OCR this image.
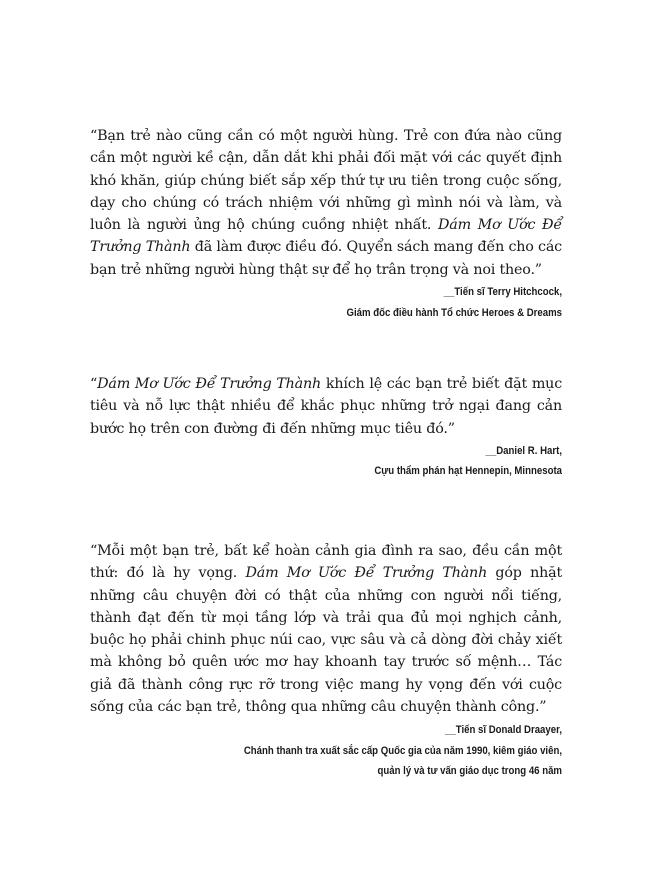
“Bạn trẻ nào cũng cần có một người hùng. Trẻ con đứa nào cũng cần một người kề cận, dẫn dắt khi phải đối mặt với các quyết định khó khăn, giúp chúng biết sắp xếp thứ tự ưu tiên trong cuộc sống, dạy cho chúng có trách nhiệm với những gì mình nói và làm, và luôn là người ủng hộ chúng cuồng nhiệt nhất. Dám Mơ Ước Để Trưởng Thành đã làm được điều đó. Quyển sách mang đến cho các bạn trẻ những người hùng thật sự để họ trân trọng và noi theo.”

__Tiến sĩ Terry Hitchcock,
Giám đốc điều hành Tổ chức Heroes & Dreams

“Dám Mơ Ước Để Trưởng Thành khích lệ các bạn trẻ biết đặt mục tiêu và nỗ lực thật nhiều để khắc phục những trở ngại đang cản bước họ trên con đường đi đến những mục tiêu đó.”

__Daniel R. Hart,
Cựu thẩm phán hạt Hennepin, Minnesota

“Mỗi một bạn trẻ, bất kể hoàn cảnh gia đình ra sao, đều cần một thứ: đó là hy vọng. Dám Mơ Ước Để Trưởng Thành góp nhặt những câu chuyện đời có thật của những con người nổi tiếng, thành đạt đến từ mọi tầng lớp và trải qua đủ mọi nghịch cảnh, buộc họ phải chinh phục núi cao, vực sâu và cả dòng đời chảy xiết mà không bỏ quên ước mơ hay khoanh tay trước số mệnh… Tác giả đã thành công rực rỡ trong việc mang hy vọng đến với cuộc sống của các bạn trẻ, thông qua những câu chuyện thành công.”

__Tiến sĩ Donald Draayer,
Chánh thanh tra xuất sắc cấp Quốc gia của năm 1990, kiêm giáo viên,
quản lý và tư vấn giáo dục trong 46 năm
